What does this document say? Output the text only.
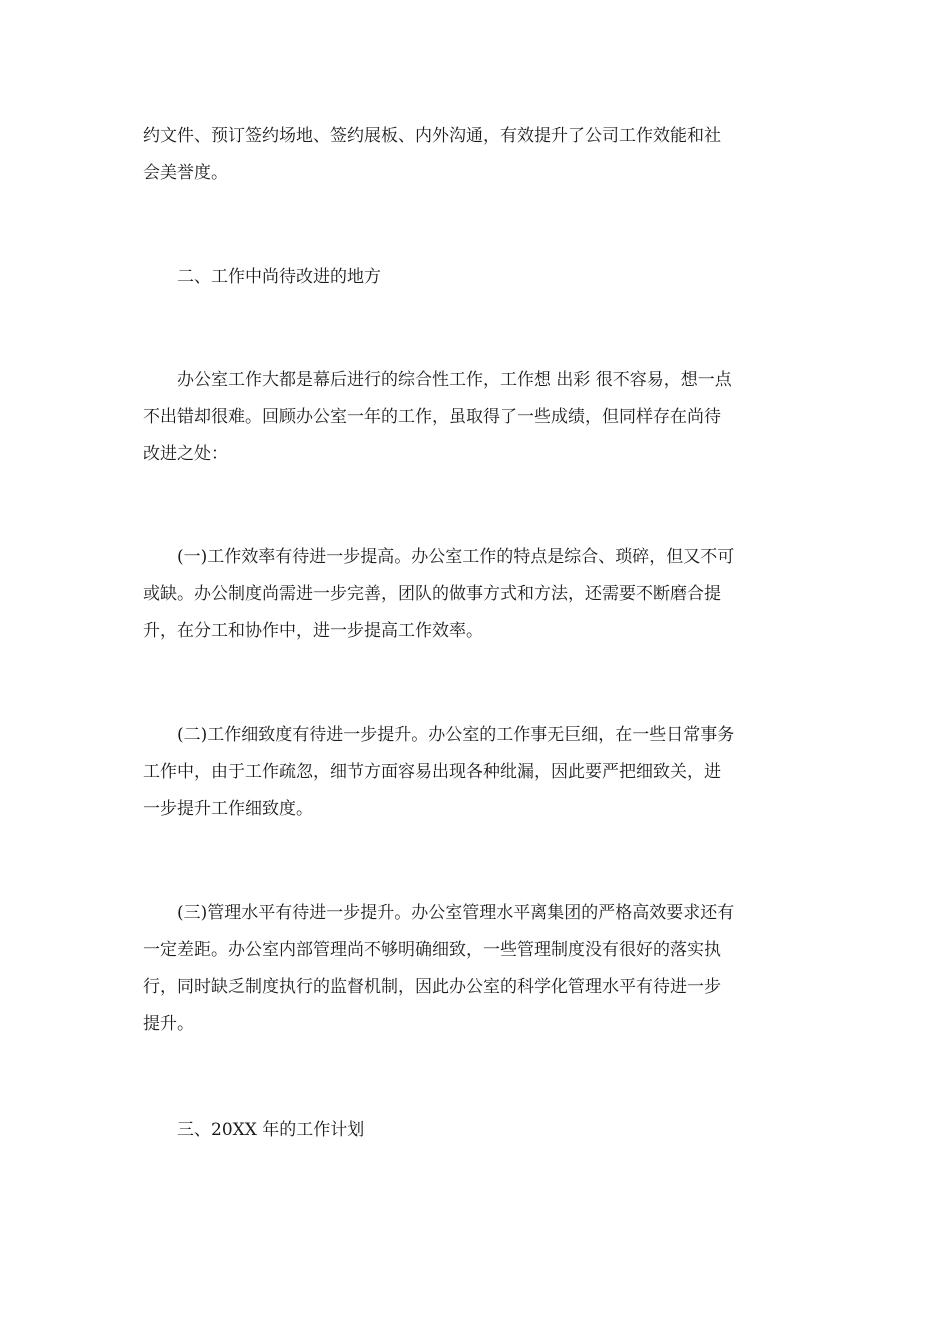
约文件、预订签约场地、签约展板、内外沟通，有效提升了公司工作效能和社
会美誉度。
二、工作中尚待改进的地方
办公室工作大都是幕后进行的综合性工作，工作想 出彩 很不容易，想一点
不出错却很难。回顾办公室一年的工作，虽取得了一些成绩，但同样存在尚待
改进之处：
(一)工作效率有待进一步提高。办公室工作的特点是综合、琐碎，但又不可
或缺。办公制度尚需进一步完善，团队的做事方式和方法，还需要不断磨合提
升，在分工和协作中，进一步提高工作效率。
(二)工作细致度有待进一步提升。办公室的工作事无巨细，在一些日常事务
工作中，由于工作疏忽，细节方面容易出现各种纰漏，因此要严把细致关，进
一步提升工作细致度。
(三)管理水平有待进一步提升。办公室管理水平离集团的严格高效要求还有
一定差距。办公室内部管理尚不够明确细致，一些管理制度没有很好的落实执
行，同时缺乏制度执行的监督机制，因此办公室的科学化管理水平有待进一步
提升。
三、20XX 年的工作计划
